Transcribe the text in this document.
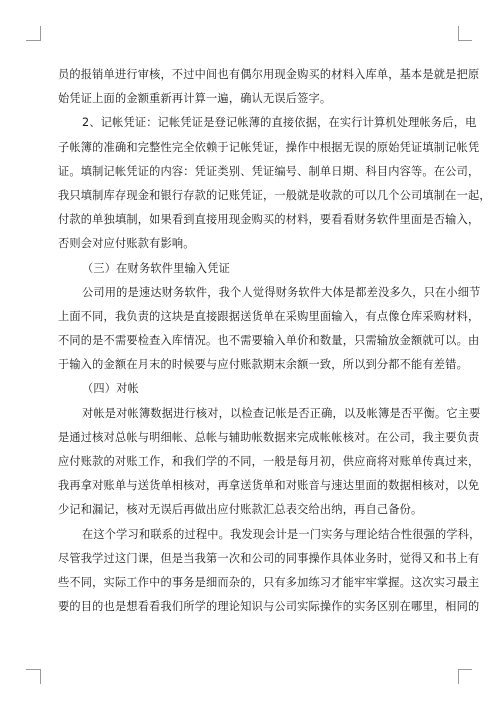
员的报销单进行审核，不过中间也有偶尔用现金购买的材料入库单，基本是就是把原
始凭证上面的金额重新再计算一遍，确认无误后签字。
2、记帐凭证：记帐凭证是登记帐薄的直接依据，在实行计算机处理帐务后，电
子帐簿的准确和完整性完全依赖于记帐凭证，操作中根据无误的原始凭证填制记帐凭
证。填制记帐凭证的内容：凭证类别、凭证编号、制单日期、科目内容等。在公司，
我只填制库存现金和银行存款的记账凭证，一般就是收款的可以几个公司填制在一起，
付款的单独填制，如果看到直接用现金购买的材料，要看看财务软件里面是否输入，
否则会对应付账款有影响。
（三）在财务软件里输入凭证
公司用的是速达财务软件，我个人觉得财务软件大体是都差没多久，只在小细节
上面不同，我负责的这块是直接跟据送货单在采购里面输入，有点像仓库采购材料，
不同的是不需要检查入库情况。也不需要输入单价和数量，只需输放金额就可以。由
于输入的金额在月末的时候要与应付账款期末余额一致，所以到分都不能有差错。
（四）对帐
对帐是对帐簿数据进行核对，以检查记帐是否正确，以及帐簿是否平衡。它主要
是通过核对总帐与明细帐、总帐与辅助帐数据来完成帐帐核对。在公司，我主要负责
应付账款的对账工作，和我们学的不同，一般是每月初，供应商将对账单传真过来，
我再拿对账单与送货单相核对，再拿送货单和对账音与速达里面的数据相核对，以免
少记和漏记，核对无误后再做出应付账款汇总表交给出纳，再自己备份。
在这个学习和联系的过程中。我发现会计是一门实务与理论结合性很强的学科，
尽管我学过这门课，但是当我第一次和公司的同事操作具体业务时，觉得又和书上有
些不同，实际工作中的事务是细而杂的，只有多加练习才能牢牢掌握。这次实习最主
要的目的也是想看看我们所学的理论知识与公司实际操作的实务区别在哪里，相同的
